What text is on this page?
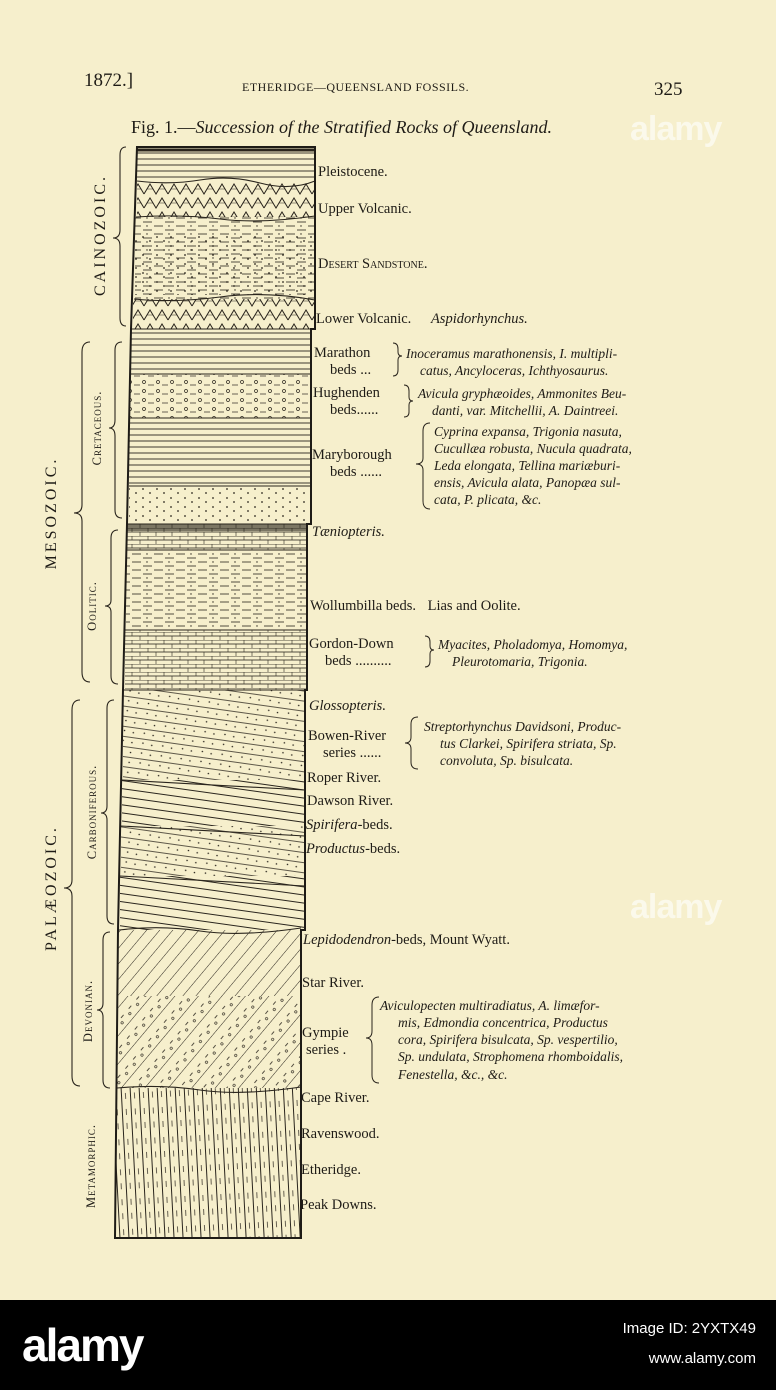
1872.]	ETHERIDGE—QUEENSLAND FOSSILS.	325
Fig. 1.—Succession of the Stratified Rocks of Queensland.
CAINOZOIC.
MESOZOIC.
PALÆOZOIC.
Cretaceous.
Oolitic.
Carboniferous.
Devonian.
Metamorphic.
Pleistocene.
Upper Volcanic.
Desert Sandstone.
Lower Volcanic. Aspidorhynchus.
Marathon
beds ...
Inoceramus marathonensis, I. multipli-
catus, Ancyloceras, Ichthyosaurus.
Hughenden
beds......
Avicula gryphæoides, Ammonites Beu-
danti, var. Mitchellii, A. Daintreei.
Maryborough
beds ......
Cyprina expansa, Trigonia nasuta,
Cucullæa robusta, Nucula quadrata,
Leda elongata, Tellina mariæburi-
ensis, Avicula alata, Panopæa sul-
cata, P. plicata, &c.
Tæniopteris.
Wollumbilla beds. Lias and Oolite.
Gordon-Down
beds ..........
Myacites, Pholadomya, Homomya,
Pleurotomaria, Trigonia.
Glossopteris.
Bowen-River
series ......
Streptorhynchus Davidsoni, Produc-
tus Clarkei, Spirifera striata, Sp.
convoluta, Sp. bisulcata.
Roper River.
Dawson River.
Spirifera-beds.
Productus-beds.
Lepidodendron-beds, Mount Wyatt.
Star River.
Gympie
series .
Aviculopecten multiradiatus, A. limæfor-
mis, Edmondia concentrica, Productus
cora, Spirifera bisulcata, Sp. vespertilio,
Sp. undulata, Strophomena rhomboidalis,
Fenestella, &c., &c.
Cape River.
Ravenswood.
Etheridge.
Peak Downs.
alamy
alamy
alamy	Image ID: 2YXTX49
www.alamy.com
